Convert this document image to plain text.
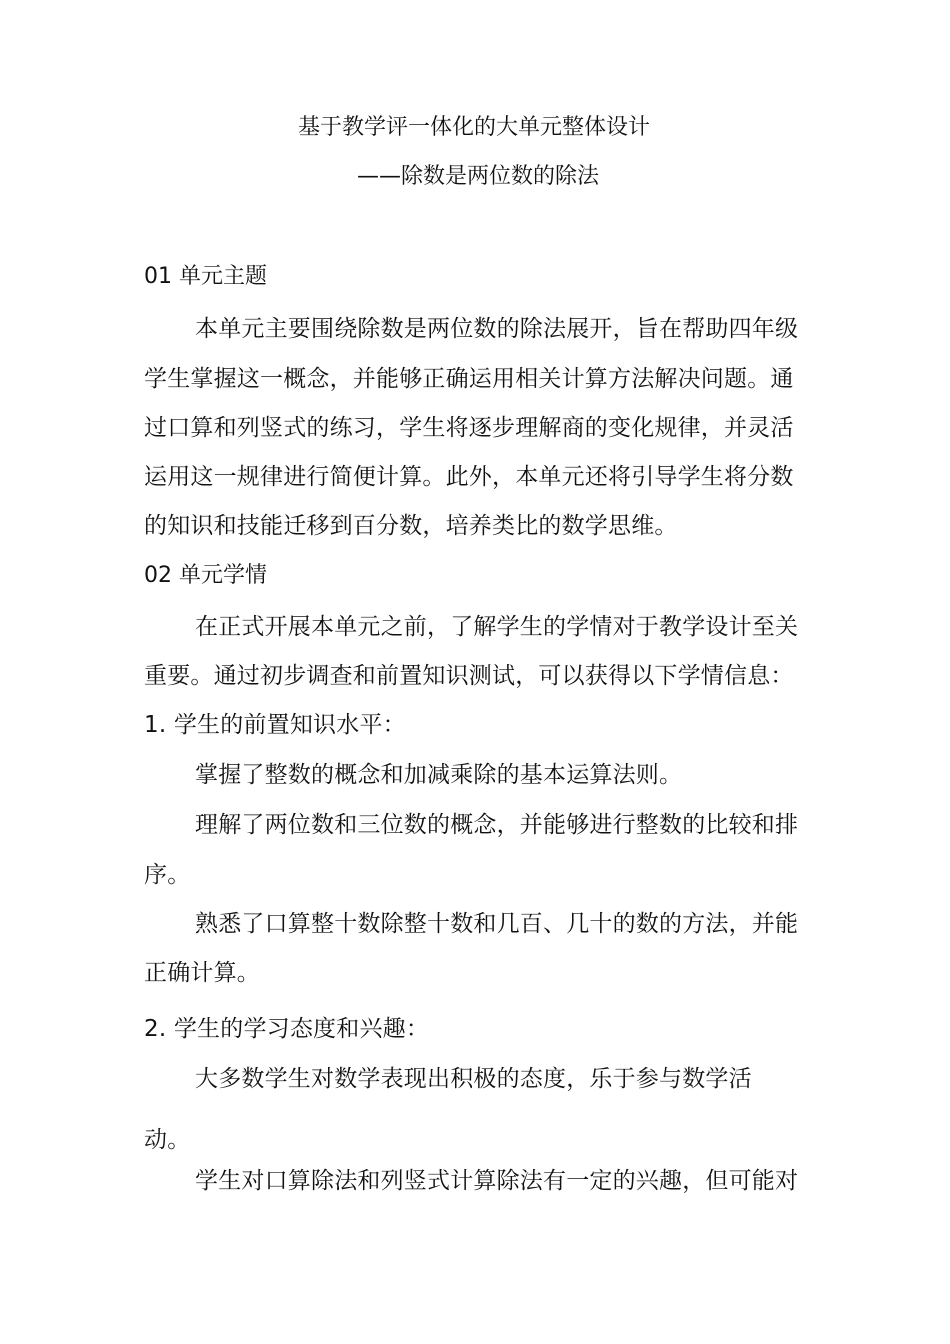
基于教学评一体化的大单元整体设计
——除数是两位数的除法
01 单元主题
本单元主要围绕除数是两位数的除法展开，旨在帮助四年级
学生掌握这一概念，并能够正确运用相关计算方法解决问题。通
过口算和列竖式的练习，学生将逐步理解商的变化规律，并灵活
运用这一规律进行简便计算。此外，本单元还将引导学生将分数
的知识和技能迁移到百分数，培养类比的数学思维。
02 单元学情
在正式开展本单元之前，了解学生的学情对于教学设计至关
重要。通过初步调查和前置知识测试，可以获得以下学情信息：
1. 学生的前置知识水平：
掌握了整数的概念和加减乘除的基本运算法则。
理解了两位数和三位数的概念，并能够进行整数的比较和排
序。
熟悉了口算整十数除整十数和几百、几十的数的方法，并能
正确计算。
2. 学生的学习态度和兴趣：
大多数学生对数学表现出积极的态度，乐于参与数学活
动。
学生对口算除法和列竖式计算除法有一定的兴趣，但可能对
